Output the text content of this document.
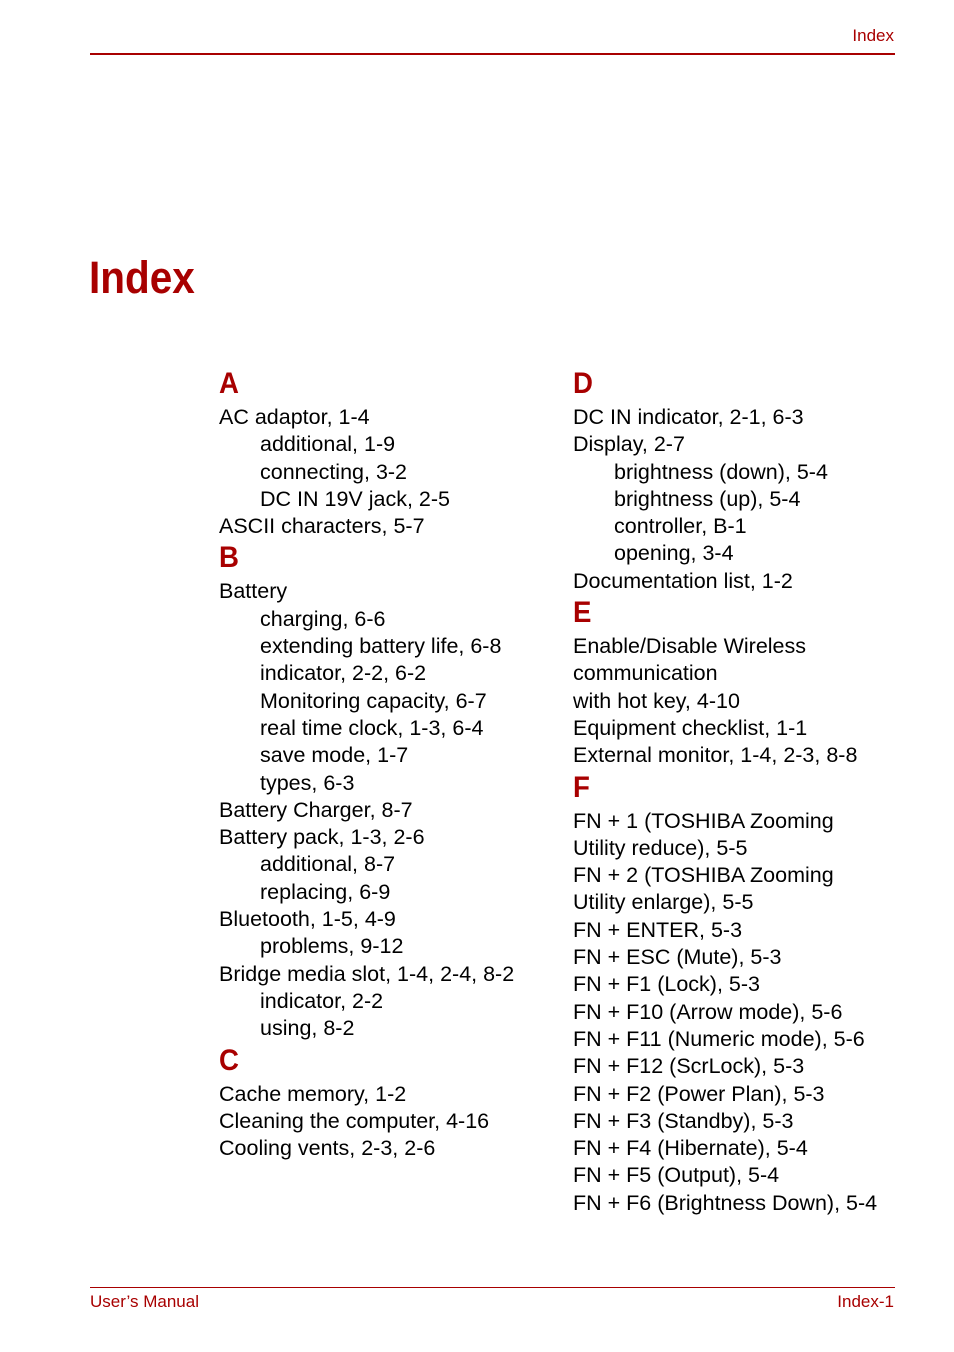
Index
Index
A
AC adaptor, 1-4
additional, 1-9
connecting, 3-2
DC IN 19V jack, 2-5
ASCII characters, 5-7
B
Battery
charging, 6-6
extending battery life, 6-8
indicator, 2-2, 6-2
Monitoring capacity, 6-7
real time clock, 1-3, 6-4
save mode, 1-7
types, 6-3
Battery Charger, 8-7
Battery pack, 1-3, 2-6
additional, 8-7
replacing, 6-9
Bluetooth, 1-5, 4-9
problems, 9-12
Bridge media slot, 1-4, 2-4, 8-2
indicator, 2-2
using, 8-2
C
Cache memory, 1-2
Cleaning the computer, 4-16
Cooling vents, 2-3, 2-6
D
DC IN indicator, 2-1, 6-3
Display, 2-7
brightness (down), 5-4
brightness (up), 5-4
controller, B-1
opening, 3-4
Documentation list, 1-2
E
Enable/Disable Wireless
communication
with hot key, 4-10
Equipment checklist, 1-1
External monitor, 1-4, 2-3, 8-8
F
FN + 1 (TOSHIBA Zooming
Utility reduce), 5-5
FN + 2 (TOSHIBA Zooming
Utility enlarge), 5-5
FN + ENTER, 5-3
FN + ESC (Mute), 5-3
FN + F1 (Lock), 5-3
FN + F10 (Arrow mode), 5-6
FN + F11 (Numeric mode), 5-6
FN + F12 (ScrLock), 5-3
FN + F2 (Power Plan), 5-3
FN + F3 (Standby), 5-3
FN + F4 (Hibernate), 5-4
FN + F5 (Output), 5-4
FN + F6 (Brightness Down), 5-4
User’s Manual	Index-1
